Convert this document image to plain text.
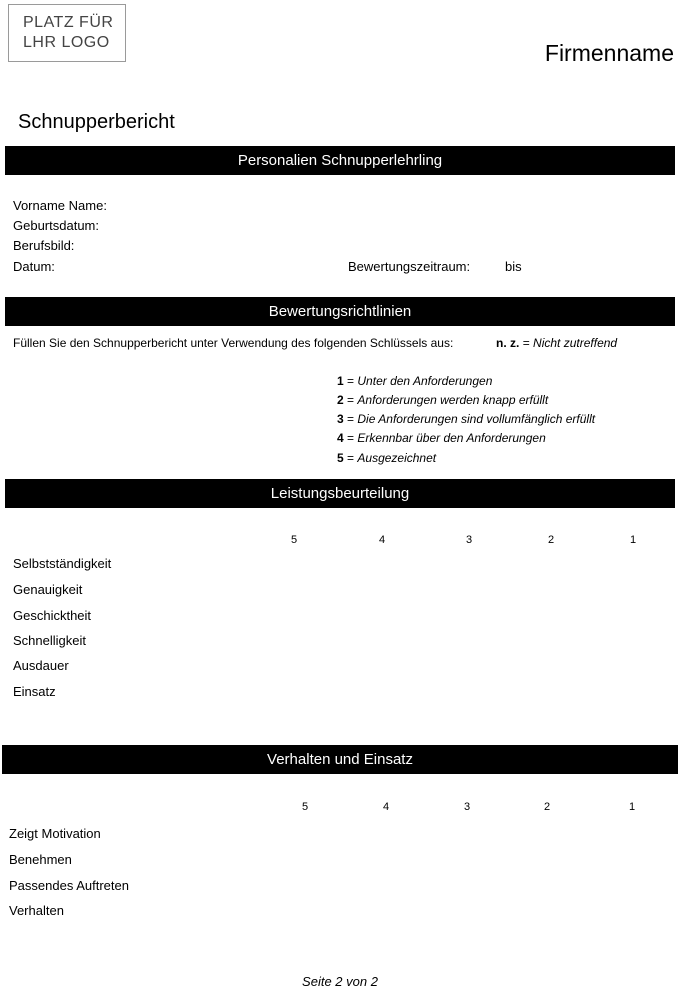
PLATZ FÜR
LHR LOGO	Firmenname
Schnupperbericht
Personalien Schnupperlehrling
Vorname Name:
Geburtsdatum:
Berufsbild:
Datum:	Bewertungszeitraum:	bis
Bewertungsrichtlinien
Füllen Sie den Schnupperbericht unter Verwendung des folgenden Schlüssels aus:	n. z. = Nicht zutreffend
1 = Unter den Anforderungen
2 = Anforderungen werden knapp erfüllt
3 = Die Anforderungen sind vollumfänglich erfüllt
4 = Erkennbar über den Anforderungen
5 = Ausgezeichnet
Leistungsbeurteilung
5	4	3	2	1
Selbstständigkeit
Genauigkeit
Geschicktheit
Schnelligkeit
Ausdauer
Einsatz
Verhalten und Einsatz
5	4	3	2	1
Zeigt Motivation
Benehmen
Passendes Auftreten
Verhalten
Seite 2 von 2
